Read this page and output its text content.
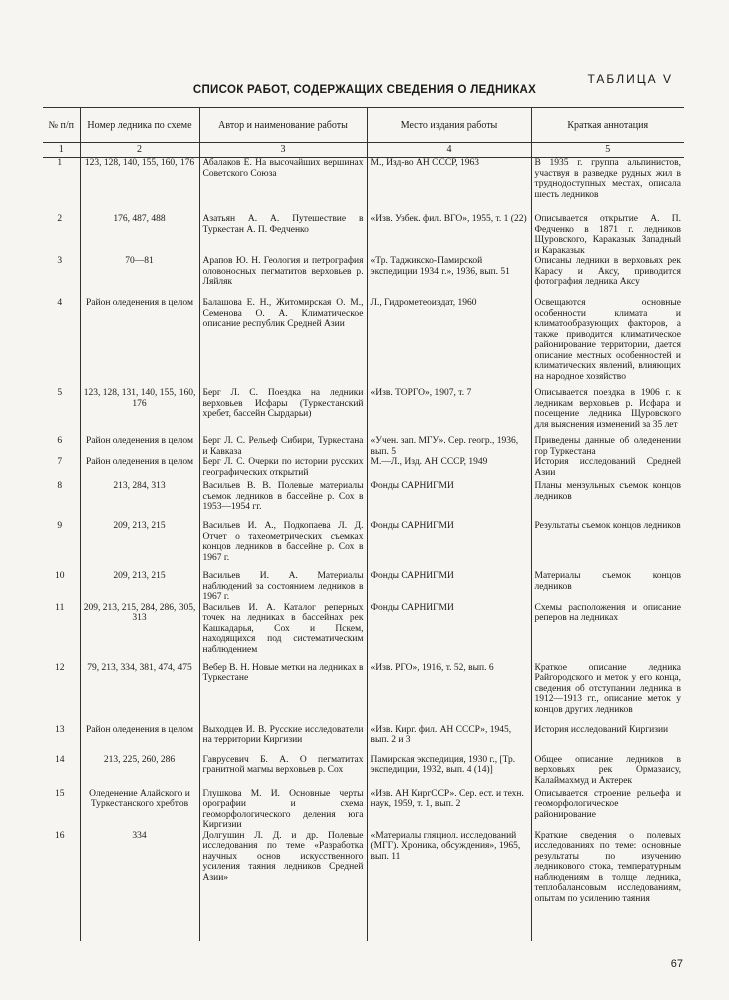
ТАБЛИЦА V
СПИСОК РАБОТ, СОДЕРЖАЩИХ СВЕДЕНИЯ О ЛЕДНИКАХ
№ п/п	Номер ледника по схеме	Автор и наименование работы	Место издания работы	Краткая аннотация
1	2	3	4	5
1	123, 128, 140, 155, 160, 176	Абалаков Е. На высочайших вершинах Советского Союза	М., Изд-во АН СССР, 1963	В 1935 г. группа альпинистов, участвуя в разведке рудных жил в труднодоступных местах, описала шесть ледников
2	176, 487, 488	Азатьян А. А. Путешествие в Туркестан А. П. Федченко	«Изв. Узбек. фил. ВГО», 1955, т. 1 (22)	Описывается открытие А. П. Федченко в 1871 г. ледников Щуровского, Караказык Западный и Караказык
3	70—81	Арапов Ю. Н. Геология и петрография оловоносных пегматитов верховьев р. Ляйляк	«Тр. Таджикско-Памирской экспедиции 1934 г.», 1936, вып. 51	Описаны ледники в верховьях рек Карасу и Аксу, приводится фотография ледника Аксу
4	Район оледенения в целом	Балашова Е. Н., Житомирская О. М., Семенова О. А. Климатическое описание республик Средней Азии	Л., Гидрометеоиздат, 1960	Освещаются основные особенности климата и климатообразующих факторов, а также приводится климатическое районирование территории, дается описание местных особенностей и климатических явлений, влияющих на народное хозяйство
5	123, 128, 131, 140, 155, 160, 176	Берг Л. С. Поездка на ледники верховьев Исфары (Туркестанский хребет, бассейн Сырдарьи)	«Изв. ТОРГО», 1907, т. 7	Описывается поездка в 1906 г. к ледникам верховьев р. Исфара и посещение ледника Щуровского для выяснения изменений за 35 лет
6	Район оледенения в целом	Берг Л. С. Рельеф Сибири, Туркестана и Кавказа	«Учен. зап. МГУ». Сер. геогр., 1936, вып. 5	Приведены данные об оледенении гор Туркестана
7	Район оледенения в целом	Берг Л. С. Очерки по истории русских географических открытий	М.—Л., Изд. АН СССР, 1949	История исследований Средней Азии
8	213, 284, 313	Васильев В. В. Полевые материалы съемок ледников в бассейне р. Сох в 1953—1954 гг.	Фонды САРНИГМИ	Планы мензульных съемок концов ледников
9	209, 213, 215	Васильев И. А., Подкопаева Л. Д. Отчет о тахеометрических съемках концов ледников в бассейне р. Сох в 1967 г.	Фонды САРНИГМИ	Результаты съемок концов ледников
10	209, 213, 215	Васильев И. А. Материалы наблюдений за состоянием ледников в 1967 г.	Фонды САРНИГМИ	Материалы съемок концов ледников
11	209, 213, 215, 284, 286, 305, 313	Васильев И. А. Каталог реперных точек на ледниках в бассейнах рек Кашкадарья, Сох и Пскем, находящихся под систематическим наблюдением	Фонды САРНИГМИ	Схемы расположения и описание реперов на ледниках
12	79, 213, 334, 381, 474, 475	Вебер В. Н. Новые метки на ледниках в Туркестане	«Изв. РГО», 1916, т. 52, вып. 6	Краткое описание ледника Райгородского и меток у его конца, сведения об отступании ледника в 1912—1913 гг., описание меток у концов других ледников
13	Район оледенения в целом	Выходцев И. В. Русские исследователи на территории Киргизии	«Изв. Кирг. фил. АН СССР», 1945, вып. 2 и 3	История исследований Киргизии
14	213, 225, 260, 286	Гаврусевич Б. А. О пегматитах гранитной магмы верховьев р. Сох	Памирская экспедиция, 1930 г., [Тр. экспедиции, 1932, вып. 4 (14)]	Общее описание ледников в верховьях рек Ормазаису, Калаймахмуд и Актерек
15	Оледенение Алайского и Туркестанского хребтов	Глушкова М. И. Основные черты орографии и схема геоморфологического деления юга Киргизии	«Изв. АН КиргССР». Сер. ест. и техн. наук, 1959, т. 1, вып. 2	Описывается строение рельефа и геоморфологическое районирование
16	334	Долгушин Л. Д. и др. Полевые исследования по теме «Разработка научных основ искусственного усиления таяния ледников Средней Азии»	«Материалы гляциол. исследований (МГГ). Хроника, обсуждения», 1965, вып. 11	Краткие сведения о полевых исследованиях по теме: основные результаты по изучению ледникового стока, температурным наблюдениям в толще ледника, теплобалансовым исследованиям, опытам по усилению таяния

67
